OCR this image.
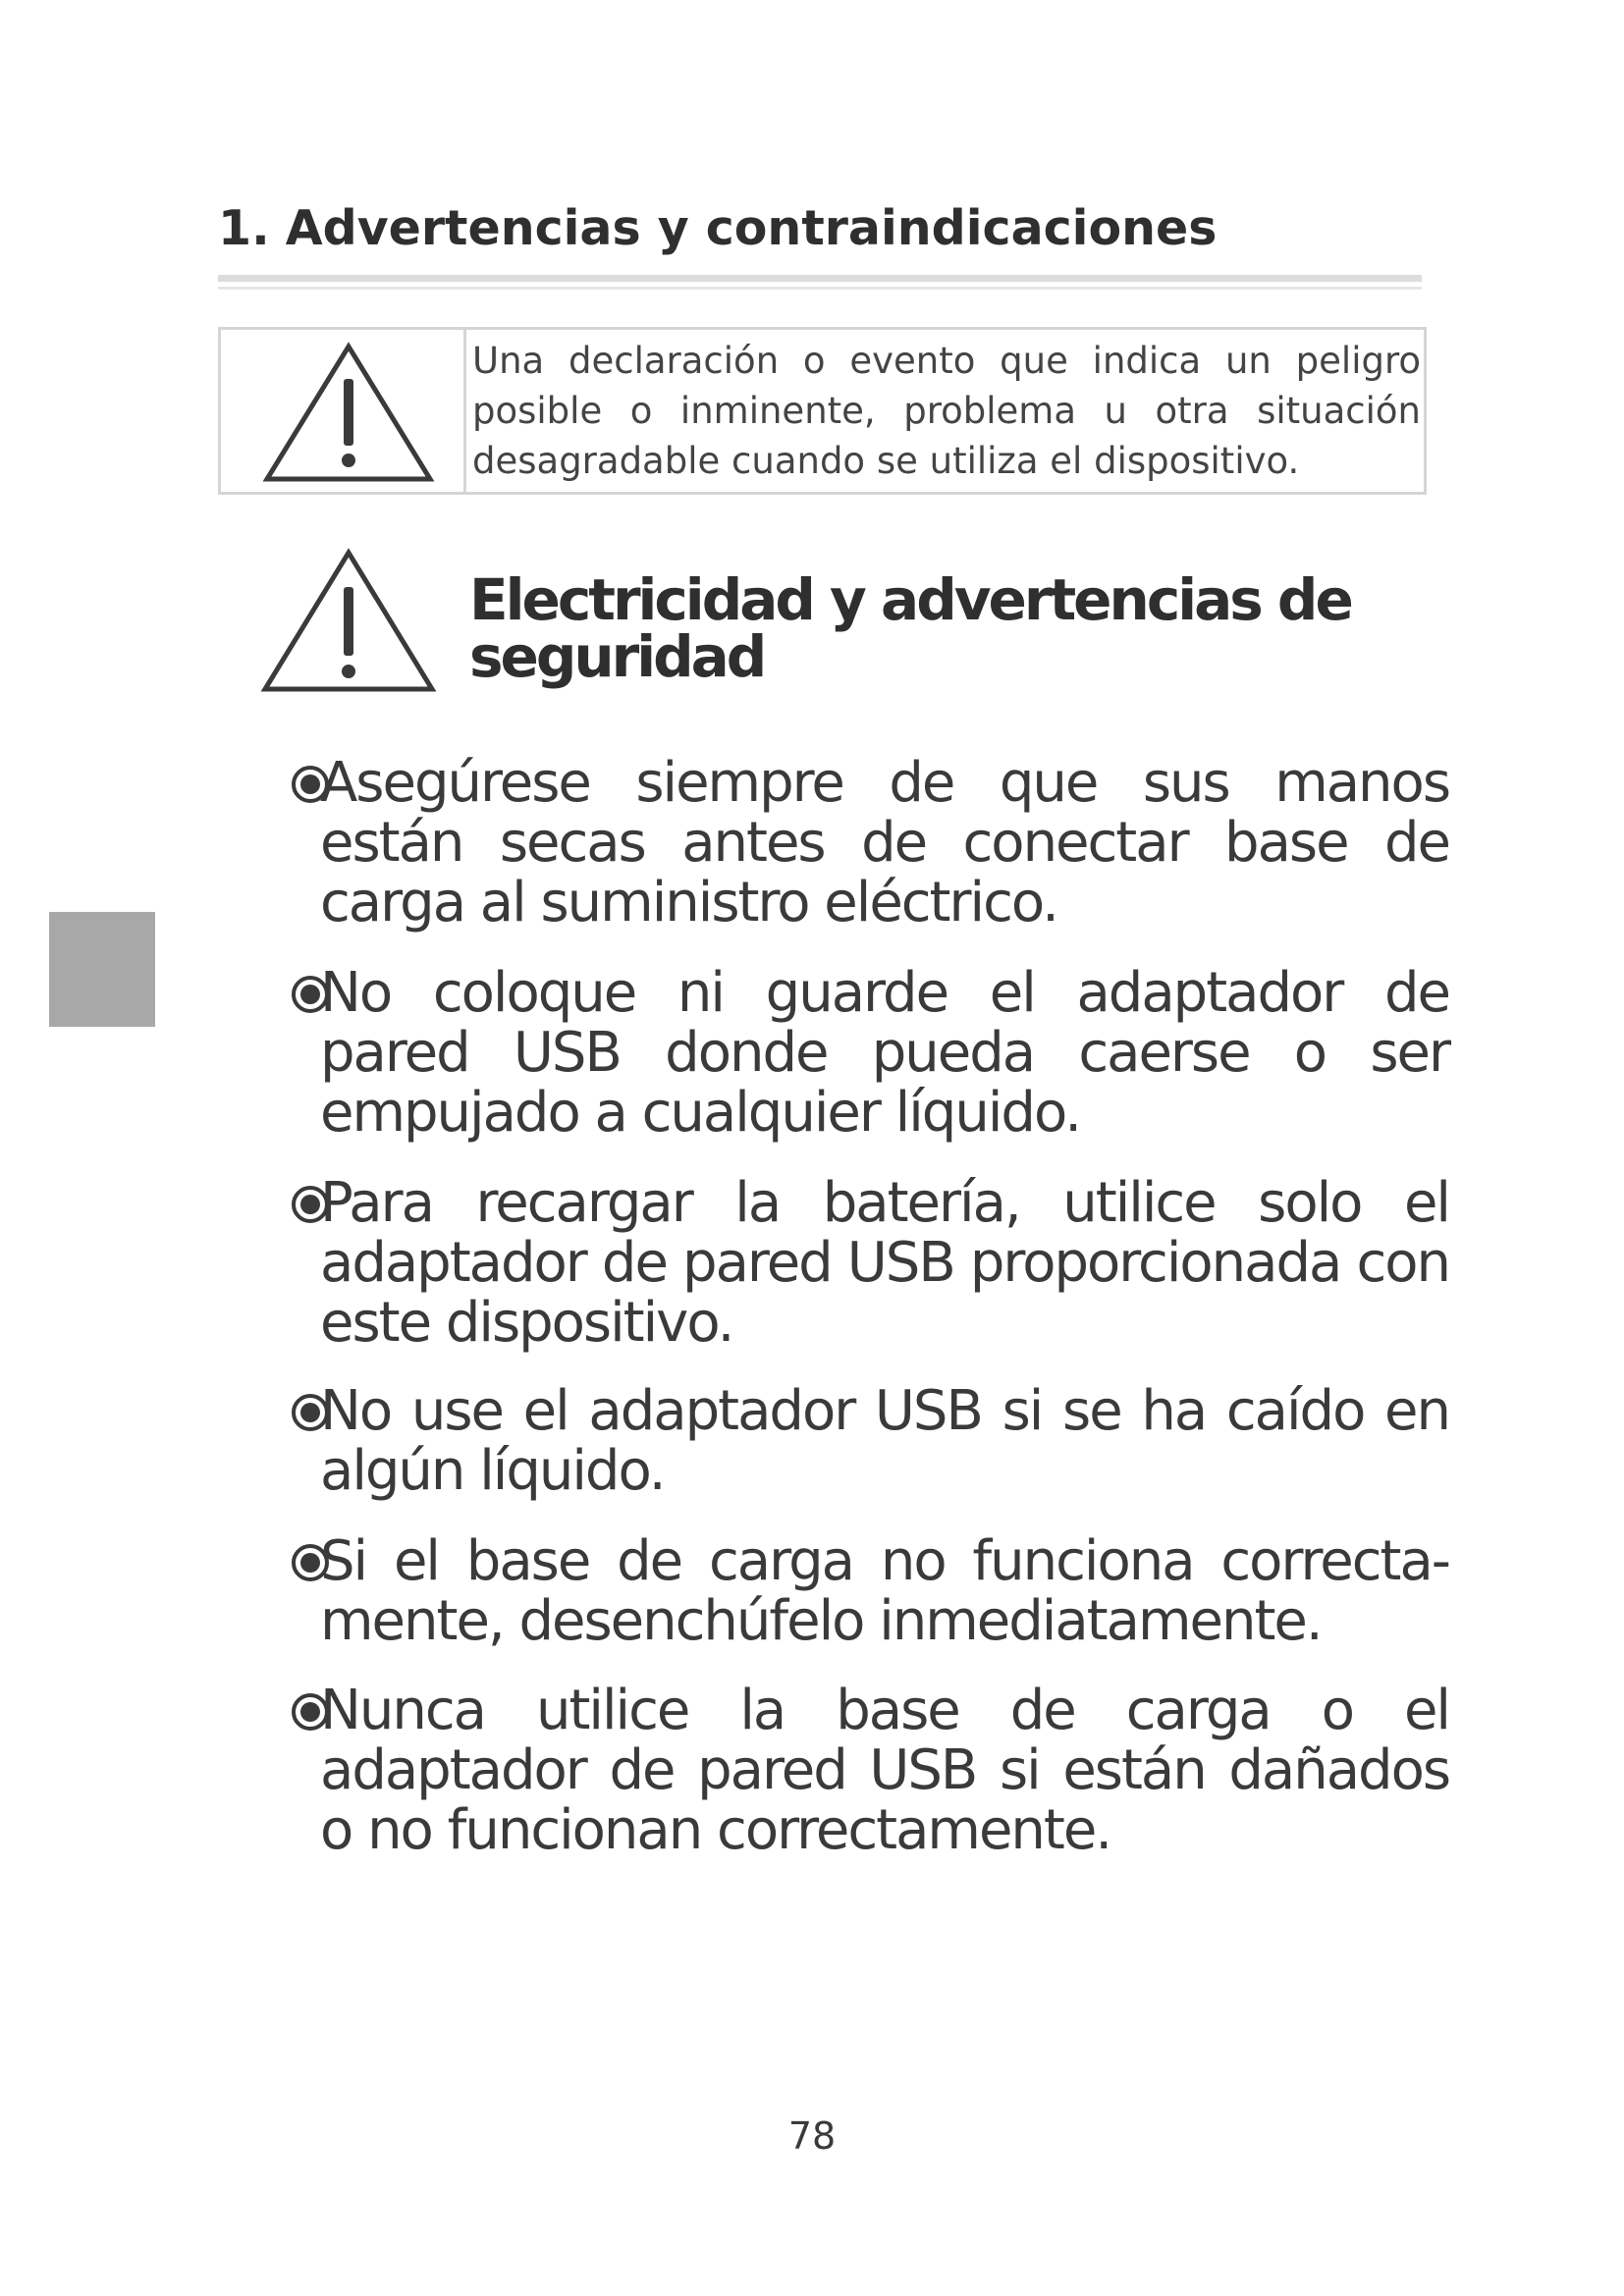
1. Advertencias y contraindicaciones

Una declaración o evento que indica un peligro posible o inminente, problema u otra situación desagradable cuando se utiliza el dispositivo.

Electricidad y advertencias de
seguridad

Asegúrese siempre de que sus manos están secas antes de conectar base de carga al suministro eléctrico.

No coloque ni guarde el adaptador de pared USB donde pueda caerse o ser empujado a cualquier líquido.

Para recargar la batería, utilice solo el adaptador de pared USB proporcionada con este dispositivo.

No use el adaptador USB si se ha caído en algún líquido.

Si el base de carga no funciona correcta-mente, desenchúfelo inmediatamente.

Nunca utilice la base de carga o el adaptador de pared USB si están dañados o no funcionan correctamente.

78
